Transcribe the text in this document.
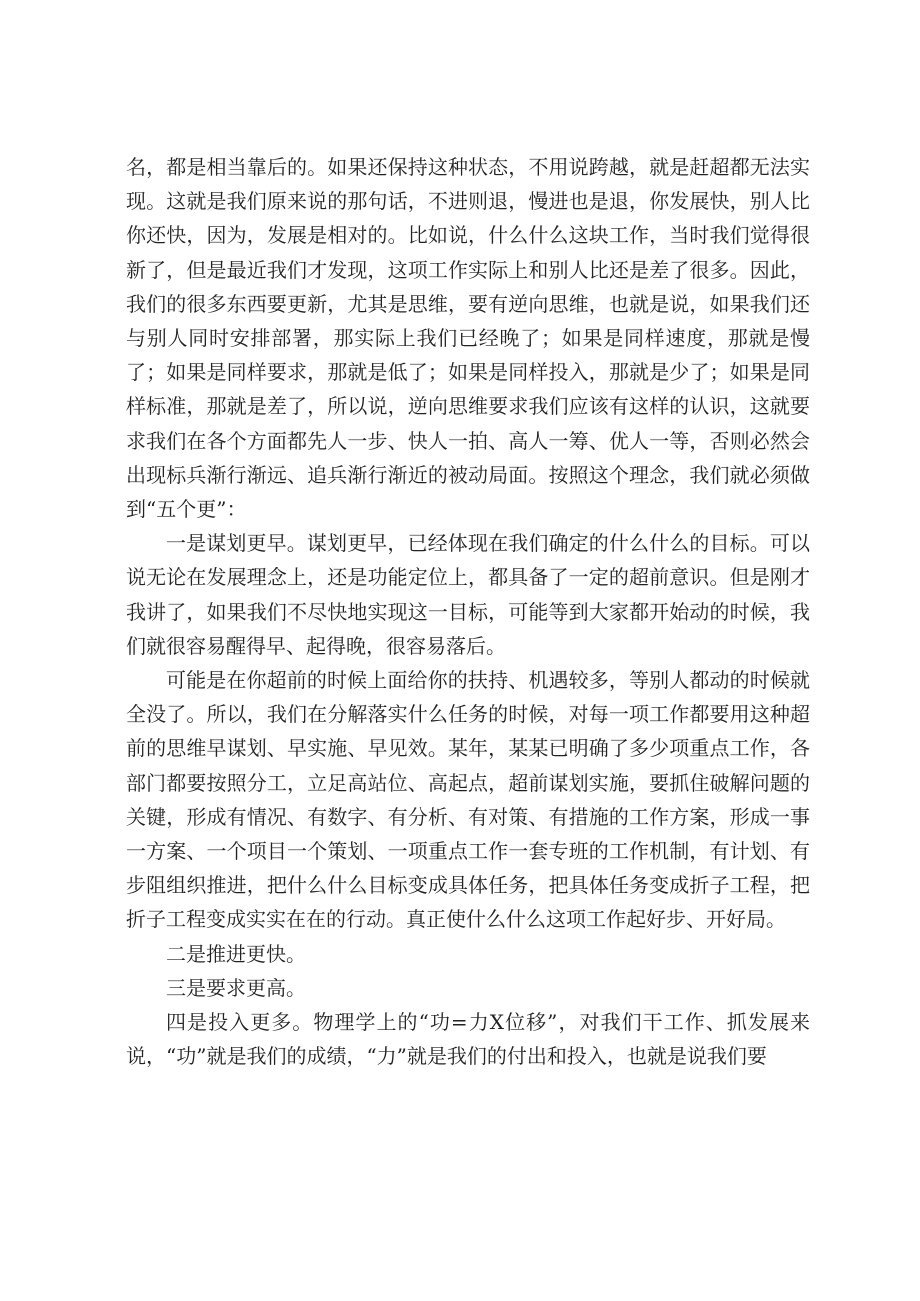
名，都是相当靠后的。如果还保持这种状态，不用说跨越，就是赶超都无法实现。这就是我们原来说的那句话，不进则退，慢进也是退，你发展快，别人比你还快，因为，发展是相对的。比如说，什么什么这块工作，当时我们觉得很新了，但是最近我们才发现，这项工作实际上和别人比还是差了很多。因此，我们的很多东西要更新，尤其是思维，要有逆向思维，也就是说，如果我们还与别人同时安排部署，那实际上我们已经晚了；如果是同样速度，那就是慢了；如果是同样要求，那就是低了；如果是同样投入，那就是少了；如果是同样标准，那就是差了，所以说，逆向思维要求我们应该有这样的认识，这就要求我们在各个方面都先人一步、快人一拍、高人一筹、优人一等，否则必然会出现标兵渐行渐远、追兵渐行渐近的被动局面。按照这个理念，我们就必须做到“五个更”：

一是谋划更早。谋划更早，已经体现在我们确定的什么什么的目标。可以说无论在发展理念上，还是功能定位上，都具备了一定的超前意识。但是刚才我讲了，如果我们不尽快地实现这一目标，可能等到大家都开始动的时候，我们就很容易醒得早、起得晚，很容易落后。

可能是在你超前的时候上面给你的扶持、机遇较多，等别人都动的时候就全没了。所以，我们在分解落实什么任务的时候，对每一项工作都要用这种超前的思维早谋划、早实施、早见效。某年，某某已明确了多少项重点工作，各部门都要按照分工，立足高站位、高起点，超前谋划实施，要抓住破解问题的关键，形成有情况、有数字、有分析、有对策、有措施的工作方案，形成一事一方案、一个项目一个策划、一项重点工作一套专班的工作机制，有计划、有步阻组织推进，把什么什么目标变成具体任务，把具体任务变成折子工程，把折子工程变成实实在在的行动。真正使什么什么这项工作起好步、开好局。

二是推进更快。

三是要求更高。

四是投入更多。物理学上的“功=力X位移”，对我们干工作、抓发展来说，“功”就是我们的成绩，“力”就是我们的付出和投入，也就是说我们要
